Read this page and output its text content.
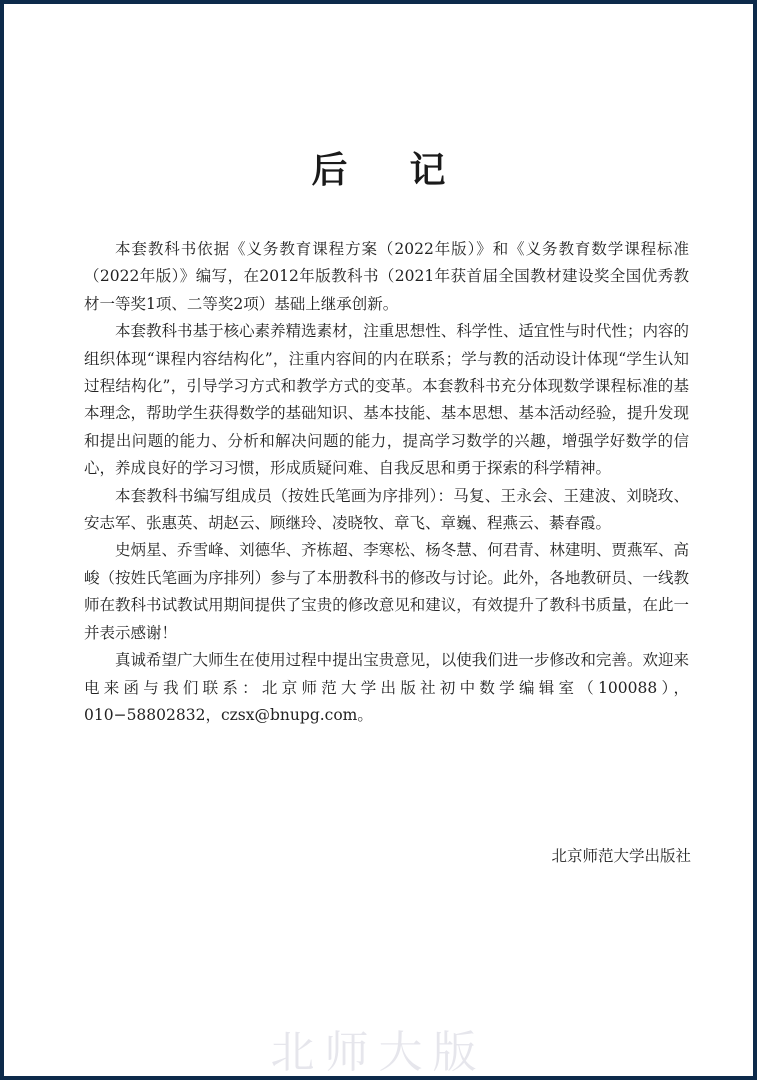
后记

本套教科书依据《义务教育课程方案（2022年版）》和《义务教育数学课程标准（2022年版）》编写，在2012年版教科书（2021年获首届全国教材建设奖全国优秀教材一等奖1项、二等奖2项）基础上继承创新。

本套教科书基于核心素养精选素材，注重思想性、科学性、适宜性与时代性；内容的组织体现“课程内容结构化”，注重内容间的内在联系；学与教的活动设计体现“学生认知过程结构化”，引导学习方式和教学方式的变革。本套教科书充分体现数学课程标准的基本理念，帮助学生获得数学的基础知识、基本技能、基本思想、基本活动经验，提升发现和提出问题的能力、分析和解决问题的能力，提高学习数学的兴趣，增强学好数学的信心，养成良好的学习习惯，形成质疑问难、自我反思和勇于探索的科学精神。

本套教科书编写组成员（按姓氏笔画为序排列）：马复、王永会、王建波、刘晓玫、安志军、张惠英、胡赵云、顾继玲、凌晓牧、章飞、章巍、程燕云、綦春霞。

史炳星、乔雪峰、刘德华、齐栋超、李寒松、杨冬慧、何君青、林建明、贾燕军、高峻（按姓氏笔画为序排列）参与了本册教科书的修改与讨论。此外，各地教研员、一线教师在教科书试教试用期间提供了宝贵的修改意见和建议，有效提升了教科书质量，在此一并表示感谢！

真诚希望广大师生在使用过程中提出宝贵意见，以使我们进一步修改和完善。欢迎来电来函与我们联系：北京师范大学出版社初中数学编辑室（100088），010−58802832，czsx@bnupg.com。

北京师范大学出版社
北师大版
